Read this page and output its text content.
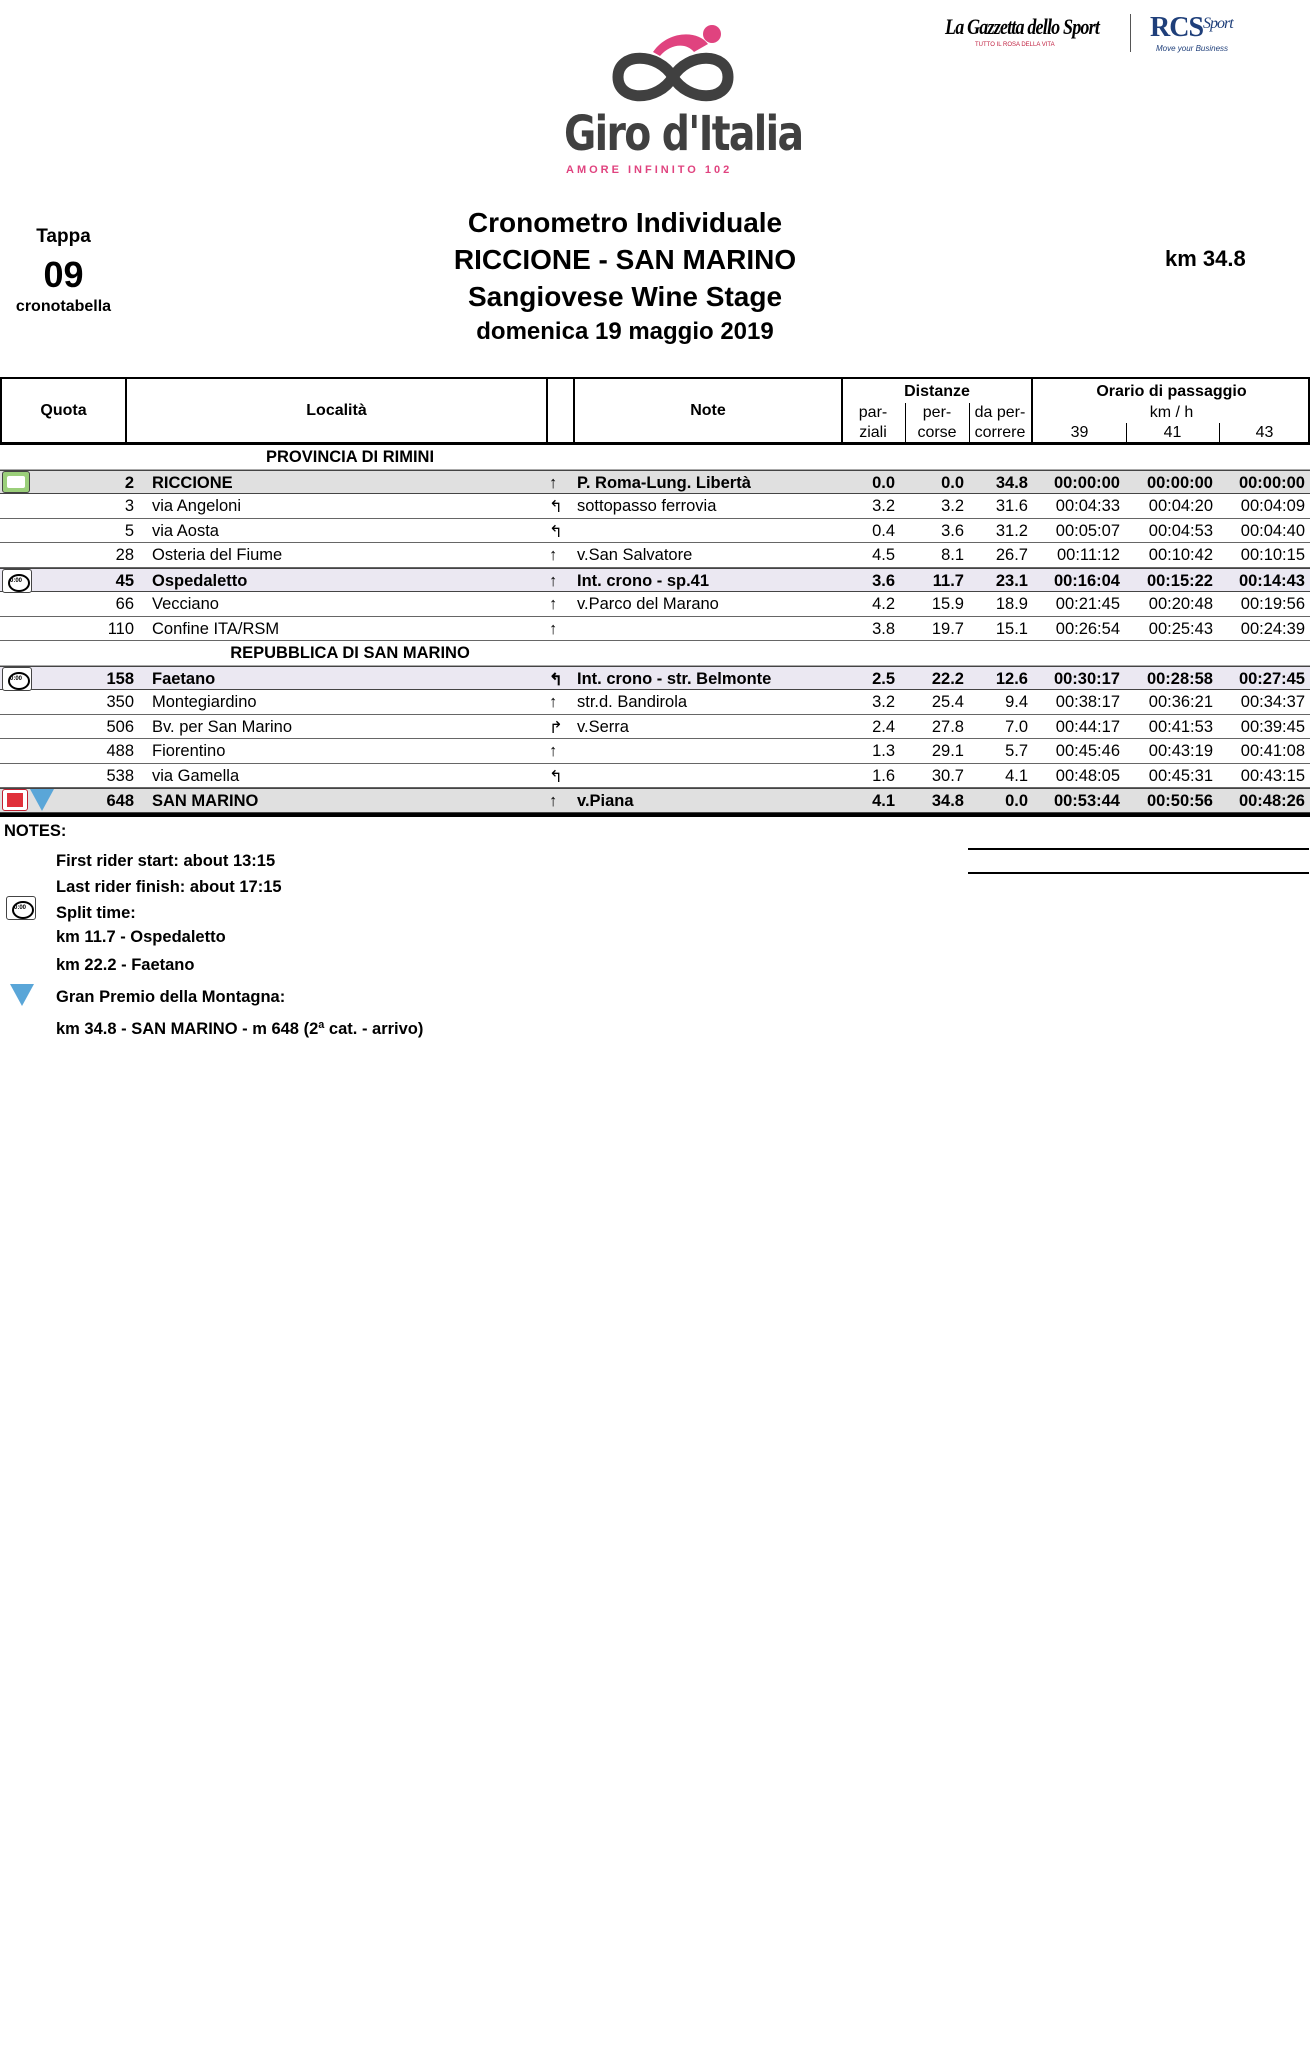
Giro d'Italia
AMORE INFINITO 102
La Gazzetta dello Sport
TUTTO IL ROSA DELLA VITA
$RCS^{Sport}$
Move your Business
Tappa
09
cronotabella
Cronometro Individuale
RICCIONE - SAN MARINO
Sangiovese Wine Stage
domenica 19 maggio 2019
km 34.8
Quota	Località	Note
Distanze
par-
ziali
per-
corse
da per-
correre
Orario di passaggio
km / h
39	41	43
PROVINCIA DI RIMINI
2 RICCIONE	↑ P. Roma-Lung. Libertà	0.0	0.0 34.8 00:00:00 00:00:00 00:00:00
3 via Angeloni	↰ sottopasso ferrovia	3.2	3.2 31.6 00:04:33 00:04:20 00:04:09
5 via Aosta	↰	0.4	3.6 31.2 00:05:07 00:04:53 00:04:40
28 Osteria del Fiume	↑ v.San Salvatore	4.5	8.1 26.7 00:11:12 00:10:42 00:10:15
0:00
45 Ospedaletto	↑ Int. crono - sp.41	3.6 11.7 23.1 00:16:04 00:15:22 00:14:43
66 Vecciano	↑ v.Parco del Marano	4.2 15.9 18.9 00:21:45 00:20:48 00:19:56
110 Confine ITA/RSM	↑	3.8 19.7 15.1 00:26:54 00:25:43 00:24:39
REPUBBLICA DI SAN MARINO
0:00
158 Faetano	↰ Int. crono - str. Belmonte	2.5 22.2 12.6 00:30:17 00:28:58 00:27:45
350 Montegiardino	↑ str.d. Bandirola	3.2 25.4 9.4 00:38:17 00:36:21 00:34:37
506 Bv. per San Marino	↱ v.Serra	2.4 27.8 7.0 00:44:17 00:41:53 00:39:45
488 Fiorentino	↑	1.3 29.1 5.7 00:45:46 00:43:19 00:41:08
538 via Gamella	↰	1.6 30.7 4.1 00:48:05 00:45:31 00:43:15
648 SAN MARINO	↑ v.Piana	4.1 34.8 0.0 00:53:44 00:50:56 00:48:26
NOTES:
First rider start: about 13:15
Last rider finish: about 17:15
0:00
Split time:
km 11.7 - Ospedaletto
km 22.2 - Faetano
Gran Premio della Montagna:
km 34.8 - SAN MARINO - m 648 (2ª cat. - arrivo)
